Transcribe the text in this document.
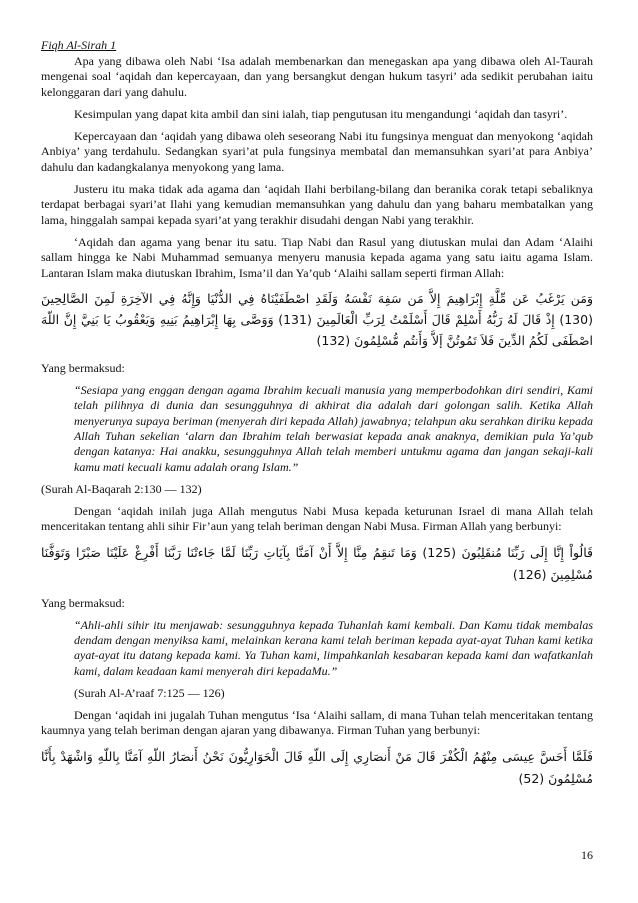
Fiqh Al-Sirah 1

Apa yang dibawa oleh Nabi ‘Isa adalah membenarkan dan menegaskan apa yang dibawa oleh Al-Taurah mengenai soal ‘aqidah dan kepercayaan, dan yang bersangkut dengan hukum tasyri’ ada sedikit perubahan iaitu kelonggaran dari yang dahulu.

Kesimpulan yang dapat kita ambil dan sini ialah, tiap pengutusan itu mengandungi ‘aqidah dan tasyri’.

Kepercayaan dan ‘aqidah yang dibawa oleh seseorang Nabi itu fungsinya menguat dan menyokong ‘aqidah Anbiya’ yang terdahulu. Sedangkan syari’at pula fungsinya membatal dan memansuhkan syari’at para Anbiya’ dahulu dan kadangkalanya menyokong yang lama.

Justeru itu maka tidak ada agama dan ‘aqidah Ilahi berbilang-bilang dan beranika corak tetapi sebaliknya terdapat berbagai syari’at Ilahi yang kemudian memansuhkan yang dahulu dan yang baharu membatalkan yang lama, hinggalah sampai kepada syari’at yang terakhir disudahi dengan Nabi yang terakhir.

‘Aqidah dan agama yang benar itu satu. Tiap Nabi dan Rasul yang diutuskan mulai dan Adam ‘Alaihi sallam hingga ke Nabi Muhammad semuanya menyeru manusia kepada agama yang satu iaitu agama Islam. Lantaran Islam maka diutuskan Ibrahim, Isma’il dan Ya’qub ‘Alaihi sallam seperti firman Allah:

وَمَن يَرْغَبُ عَن مِّلَّةِ إِبْرَاهِيمَ إِلاَّ مَن سَفِهَ نَفْسَهُ وَلَقَدِ اصْطَفَيْنَاهُ فِي الدُّنْيَا وَإِنَّهُ فِي الآخِرَةِ لَمِنَ الصَّالِحِينَ (130) إِذْ قَالَ لَهُ رَبُّهُ أَسْلِمْ قَالَ أَسْلَمْتُ لِرَبِّ الْعَالَمِينَ (131) وَوَصَّى بِهَا إِبْرَاهِيمُ بَنِيهِ وَيَعْقُوبُ يَا بَنِيَّ إِنَّ اللّهَ اصْطَفَى لَكُمُ الدِّينَ فَلاَ تَمُوتُنَّ إَلاَّ وَأَنتُم مُّسْلِمُونَ (132)

Yang bermaksud:

“Sesiapa yang enggan dengan agama Ibrahim kecuali manusia yang memperbodohkan diri sendiri, Kami telah pilihnya di dunia dan sesungguhnya di akhirat dia adalah dari golongan salih. Ketika Allah menyerunya supaya beriman (menyerah diri kepada Allah) jawabnya; telahpun aku serahkan diriku kepada Allah Tuhan sekelian ‘alarn dan Ibrahim telah berwasiat kepada anak anaknya, demikian pula Ya’qub dengan katanya: Hai anakku, sesungguhnya Allah telah memberi untukmu agama dan jangan sekaji-kali kamu mati kecuali kamu adalah orang Islam.”
(Surah Al-Baqarah 2:130 — 132)

Dengan ‘aqidah inilah juga Allah mengutus Nabi Musa kepada keturunan Israel di mana Allah telah menceritakan tentang ahli sihir Fir’aun yang telah beriman dengan Nabi Musa. Firman Allah yang berbunyi:

قَالُواْ إِنَّا إِلَى رَبِّنَا مُنقَلِبُونَ (125) وَمَا تَنقِمُ مِنَّا إِلاَّ أَنْ آمَنَّا بِآيَاتِ رَبِّنَا لَمَّا جَاءتْنَا رَبَّنَا أَفْرِغْ عَلَيْنَا صَبْرًا وَتَوَفَّنَا مُسْلِمِينَ (126)

Yang bermaksud:

“Ahli-ahli sihir itu menjawab: sesungguhnya kepada Tuhanlah kami kembali. Dan Kamu tidak membalas dendam dengan menyiksa kami, melainkan kerana kami telah beriman kepada ayat-ayat Tuhan kami ketika ayat-ayat itu datang kepada kami. Ya Tuhan kami, limpahkanlah kesabaran kepada kami dan wafatkanlah kami, dalam keadaan kami menyerah diri kepadaMu.”
(Surah Al-A’raaf 7:125 — 126)

Dengan ‘aqidah ini jugalah Tuhan mengutus ‘Isa ‘Alaihi sallam, di mana Tuhan telah menceritakan tentang kaumnya yang telah beriman dengan ajaran yang dibawanya. Firman Tuhan yang berbunyi:

فَلَمَّا أَحَسَّ عِيسَى مِنْهُمُ الْكُفْرَ قَالَ مَنْ أَنصَارِي إِلَى اللّهِ قَالَ الْحَوَارِيُّونَ نَحْنُ أَنصَارُ اللّهِ آمَنَّا بِاللّهِ وَاشْهَدْ بِأَنَّا مُسْلِمُونَ (52)
16
